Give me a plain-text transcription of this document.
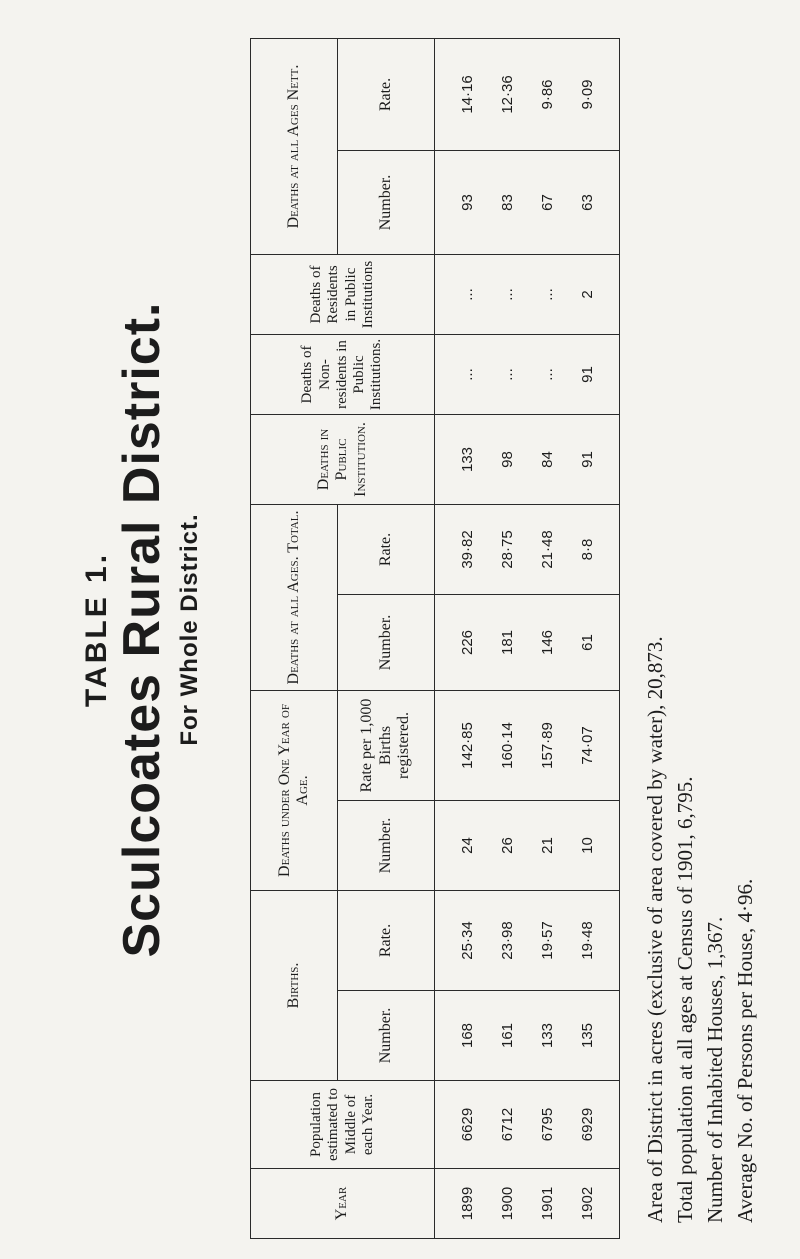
TABLE 1. Sculcoates Rural District. For Whole District.
Year	Population estimated to Middle of each Year.	Births.		Deaths under One Year of Age.		Deaths at all Ages. Total.		Deaths in Public Institution.	Deaths of Non-residents in Public Institutions.	Deaths of Residents in Public Institutions	Deaths at all Ages Nett.	
		Number.	Rate.	Number.	Rate per 1,000 Births registered.	Number.	Rate.				Number.	Rate.
1899	6629	168	25·34	24	142·85	226	39·82	133	...	...	93	14·16
1900	6712	161	23·98	26	160·14	181	28·75	98	...	...	83	12·36
1901	6795	133	19·57	21	157·89	146	21·48	84	...	...	67	9·86
1902	6929	135	19·48	10	74·07	61	8·8	91	91	2	63	9·09
Area of District in acres (exclusive of area covered by water), 20,873. Total population at all ages at Census of 1901, 6,795. Number of Inhabited Houses, 1,367. Average No. of Persons per House, 4·96.
